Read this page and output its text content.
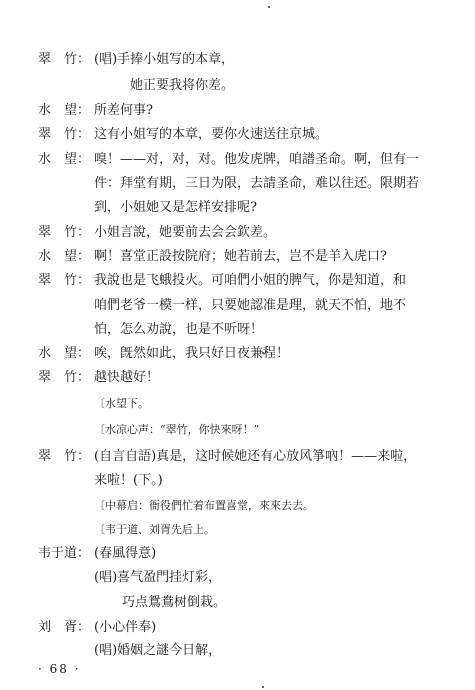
翠　竹： (唱)手捧小姐写的本章，
她正要我将你差。
水　望： 所差何事?
翠　竹： 这有小姐写的本章，要你火速送往京城。
水　望： 嗅！——对，对，对。他发虎牌，咱譜圣命。啊，但有一
件：拜堂有期，三日为限，去請圣命，难以往还。限期若
到，小姐她又是怎样安排呢?
翠　竹： 小姐言說，她要前去会会欽差。
水　望： 啊！喜堂正設按院府；她若前去，岂不是羊入虎口?
翠　竹： 我說也是飞蛾投火。可咱們小姐的脾气，你是知道，和
咱們老爷一模一样，只要她認准是理，就天不怕，地不
怕，怎么劝說，也是不听呀！
水　望： 唉，旣然如此，我只好日夜兼程！
翠　竹： 越快越好！
〔水望下。
〔水凉心声：“翠竹，你快來呀！”
翠　竹： (自言自語)真是，这时候她还有心放风箏吶！——来啦，
来啦！(下。)
〔中幕启：衙役們忙着布置喜堂，來來去去。
〔韦于道、刘胥先后上。
韦于道： (春風得意)
(唱)喜气盈門挂灯彩，
巧点鴛鴦树倒栽。
刘　胥： (小心伴奉)
(唱)婚姻之謎今日解，
· 68 ·
